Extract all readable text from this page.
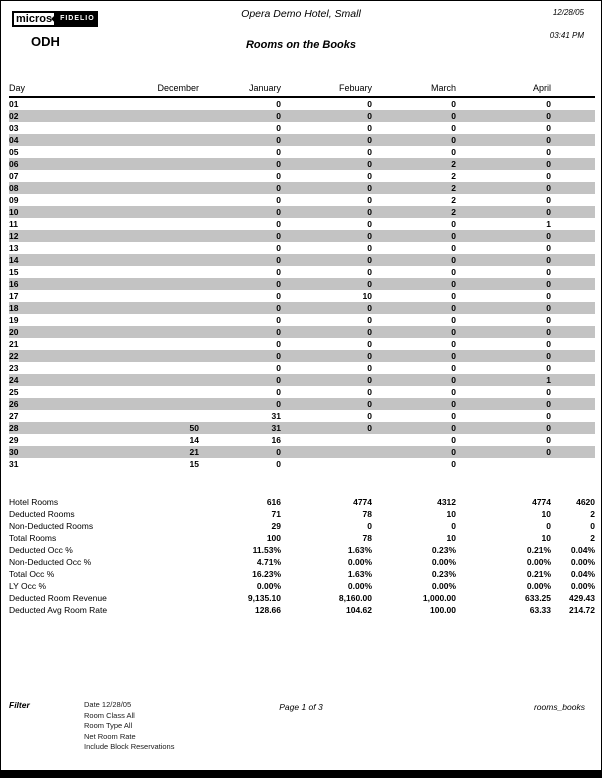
micros	FIDELIO
ODH
Opera Demo Hotel, Small
Rooms on the Books
12/28/05
03:41 PM
Day	December	January	Febuary	March	April	
01		0	0	0	0	
02		0	0	0	0	
03		0	0	0	0	
04		0	0	0	0	
05		0	0	0	0	
06		0	0	2	0	
07		0	0	2	0	
08		0	0	2	0	
09		0	0	2	0	
10		0	0	2	0	
11		0	0	0	1	
12		0	0	0	0	
13		0	0	0	0	
14		0	0	0	0	
15		0	0	0	0	
16		0	0	0	0	
17		0	10	0	0	
18		0	0	0	0	
19		0	0	0	0	
20		0	0	0	0	
21		0	0	0	0	
22		0	0	0	0	
23		0	0	0	0	
24		0	0	0	1	
25		0	0	0	0	
26		0	0	0	0	
27		31	0	0	0	
28	50	31	0	0	0	
29	14	16		0	0	
30	21	0		0	0	
31	15	0		0		
Hotel Rooms	616	4774	4312	4774	4620	
Deducted Rooms	71	78	10	10	2	
Non-Deducted Rooms	29	0	0	0	0	
Total Rooms	100	78	10	10	2	
Deducted Occ %	11.53%	1.63%	0.23%	0.21%	0.04%	
Non-Deducted Occ %	4.71%	0.00%	0.00%	0.00%	0.00%	
Total Occ %	16.23%	1.63%	0.23%	0.21%	0.04%	
LY Occ %	0.00%	0.00%	0.00%	0.00%	0.00%	
Deducted Room Revenue	9,135.10	8,160.00	1,000.00	633.25	429.43	
Deducted Avg Room Rate	128.66	104.62	100.00	63.33	214.72	
Filter	Date 12/28/05
Room Class All
Room Type All
Net Room Rate
Include Block Reservations
Page 1 of 3	rooms_books
